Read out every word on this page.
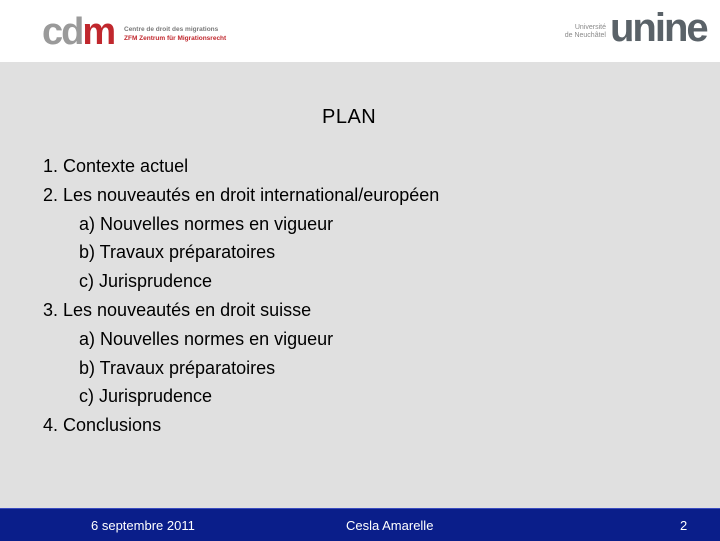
cdm Centre de droit des migrations
ZFM Zentrum für Migrationsrecht
Université
de Neuchâtel unine
PLAN
1. Contexte actuel
2. Les nouveautés en droit international/européen
a) Nouvelles normes en vigueur
b) Travaux préparatoires
c) Jurisprudence
3. Les nouveautés en droit suisse
a) Nouvelles normes en vigueur
b) Travaux préparatoires
c) Jurisprudence
4. Conclusions
6 septembre 2011	Cesla Amarelle	2
